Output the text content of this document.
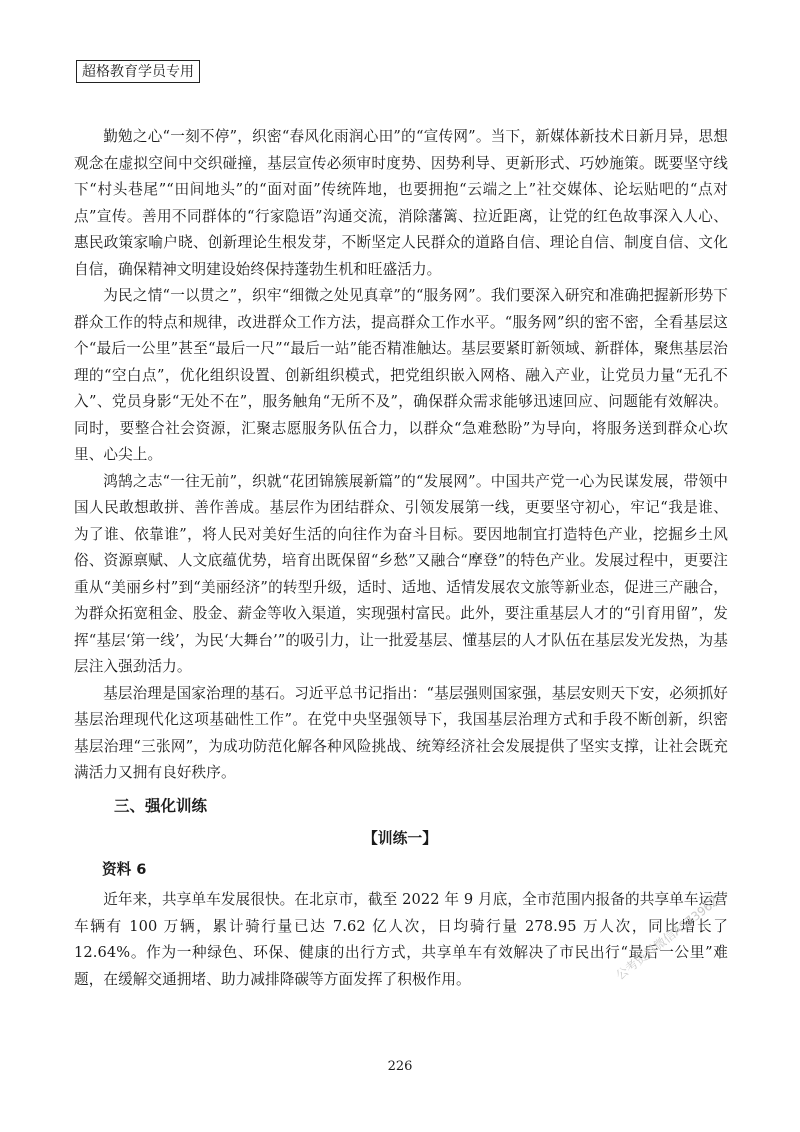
超格教育学员专用

勤勉之心“一刻不停”，织密“春风化雨润心田”的“宣传网”。当下，新媒体新技术日新月异，思想观念在虚拟空间中交织碰撞，基层宣传必须审时度势、因势利导、更新形式、巧妙施策。既要坚守线下“村头巷尾”“田间地头”的“面对面”传统阵地，也要拥抱“云端之上”社交媒体、论坛贴吧的“点对点”宣传。善用不同群体的“行家隐语”沟通交流，消除藩篱、拉近距离，让党的红色故事深入人心、惠民政策家喻户晓、创新理论生根发芽，不断坚定人民群众的道路自信、理论自信、制度自信、文化自信，确保精神文明建设始终保持蓬勃生机和旺盛活力。

为民之情“一以贯之”，织牢“细微之处见真章”的“服务网”。我们要深入研究和准确把握新形势下群众工作的特点和规律，改进群众工作方法，提高群众工作水平。“服务网”织的密不密，全看基层这个“最后一公里”甚至“最后一尺”“最后一站”能否精准触达。基层要紧盯新领域、新群体，聚焦基层治理的“空白点”，优化组织设置、创新组织模式，把党组织嵌入网格、融入产业，让党员力量“无孔不入”、党员身影“无处不在”，服务触角“无所不及”，确保群众需求能够迅速回应、问题能有效解决。同时，要整合社会资源，汇聚志愿服务队伍合力，以群众“急难愁盼”为导向，将服务送到群众心坎里、心尖上。

鸿鹄之志“一往无前”，织就“花团锦簇展新篇”的“发展网”。中国共产党一心为民谋发展，带领中国人民敢想敢拼、善作善成。基层作为团结群众、引领发展第一线，更要坚守初心，牢记“我是谁、为了谁、依靠谁”，将人民对美好生活的向往作为奋斗目标。要因地制宜打造特色产业，挖掘乡土风俗、资源禀赋、人文底蕴优势，培育出既保留“乡愁”又融合“摩登”的特色产业。发展过程中，更要注重从“美丽乡村”到“美丽经济”的转型升级，适时、适地、适情发展农文旅等新业态，促进三产融合，为群众拓宽租金、股金、薪金等收入渠道，实现强村富民。此外，要注重基层人才的“引育用留”，发挥“基层‘第一线’，为民‘大舞台’”的吸引力，让一批爱基层、懂基层的人才队伍在基层发光发热，为基层注入强劲活力。

基层治理是国家治理的基石。习近平总书记指出：“基层强则国家强，基层安则天下安，必须抓好基层治理现代化这项基础性工作”。在党中央坚强领导下，我国基层治理方式和手段不断创新，织密基层治理“三张网”，为成功防范化解各种风险挑战、统筹经济社会发展提供了坚实支撑，让社会既充满活力又拥有良好秩序。

三、强化训练
【训练一】
资料 6

近年来，共享单车发展很快。在北京市，截至 2022 年 9 月底，全市范围内报备的共享单车运营车辆有 100 万辆，累计骑行量已达 7.62 亿人次，日均骑行量 278.95 万人次，同比增长了 12.64%。作为一种绿色、环保、健康的出行方式，共享单车有效解决了市民出行“最后一公里”难题，在缓解交通拥堵、助力减排降碳等方面发挥了积极作用。	公考资料微信AS7396Z
226
